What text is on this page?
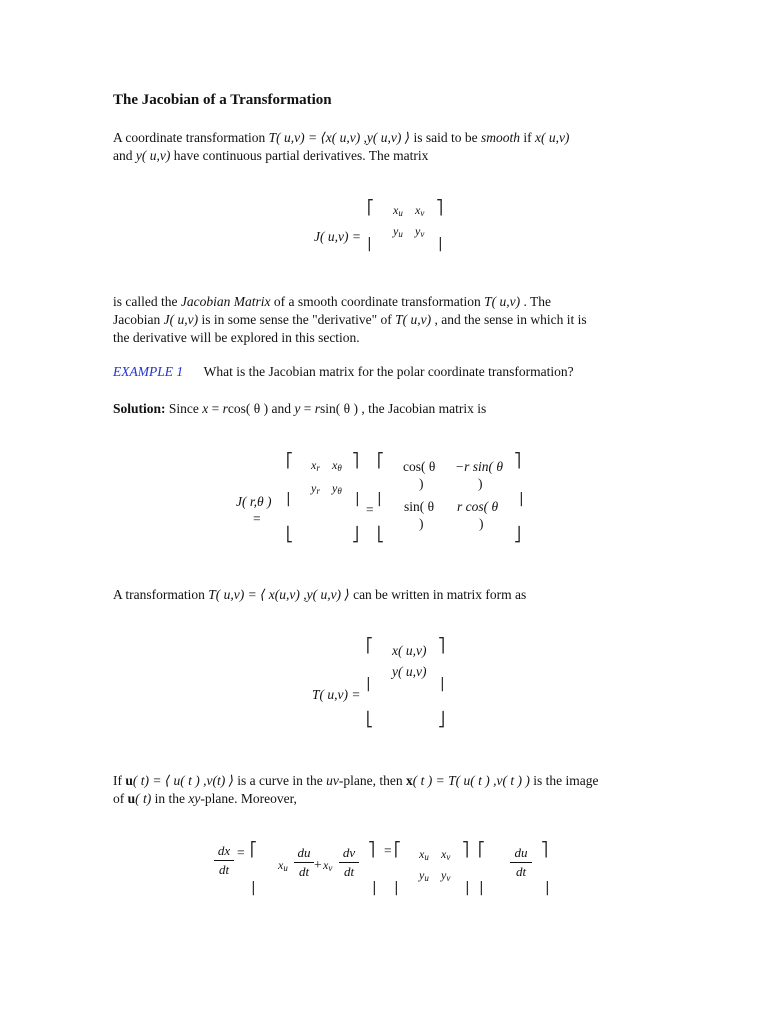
The Jacobian of a Transformation
A coordinate transformation T( u,v) = ⟨x( u,v) ,y( u,v) ⟩ is said to be smooth if x( u,v)
and y( u,v) have continuous partial derivatives. The matrix
J( u,v) =
⎡
|
⎤
|
xu xv
yu yv
is called the Jacobian Matrix of a smooth coordinate transformation T( u,v) . The
Jacobian J( u,v) is in some sense the "derivative" of T( u,v) , and the sense in which it is
the derivative will be explored in this section.
EXAMPLE 1 What is the Jacobian matrix for the polar coordinate transformation?
Solution: Since x = rcos( θ ) and y = rsin( θ ) , the Jacobian matrix is
J( r,θ )
=
⎡
|
⎣
⎤
|
⎦
xr xθ
yr yθ
=
⎡
|
⎣
⎤
|
⎦
cos( θ
)
−r sin( θ
)
sin( θ
)
r cos( θ
)
A transformation T( u,v) = ⟨ x(u,v) ,y( u,v) ⟩ can be written in matrix form as
T( u,v) =
⎡
|
⎣
⎤
|
⎦
x( u,v)
y( u,v)
If u( t) = ⟨ u( t ) ,v(t) ⟩ is a curve in the uv-plane, then x( t ) = T( u( t ) ,v( t ) ) is the image
of u( t) in the xy-plane. Moreover,
dx
dt
= ⎡
|
xu
du
dt + xv
dv
dt
⎤
|
= ⎡
|
xu xv
yu yv
⎤
|
⎡
|
du
dt
⎤
|
